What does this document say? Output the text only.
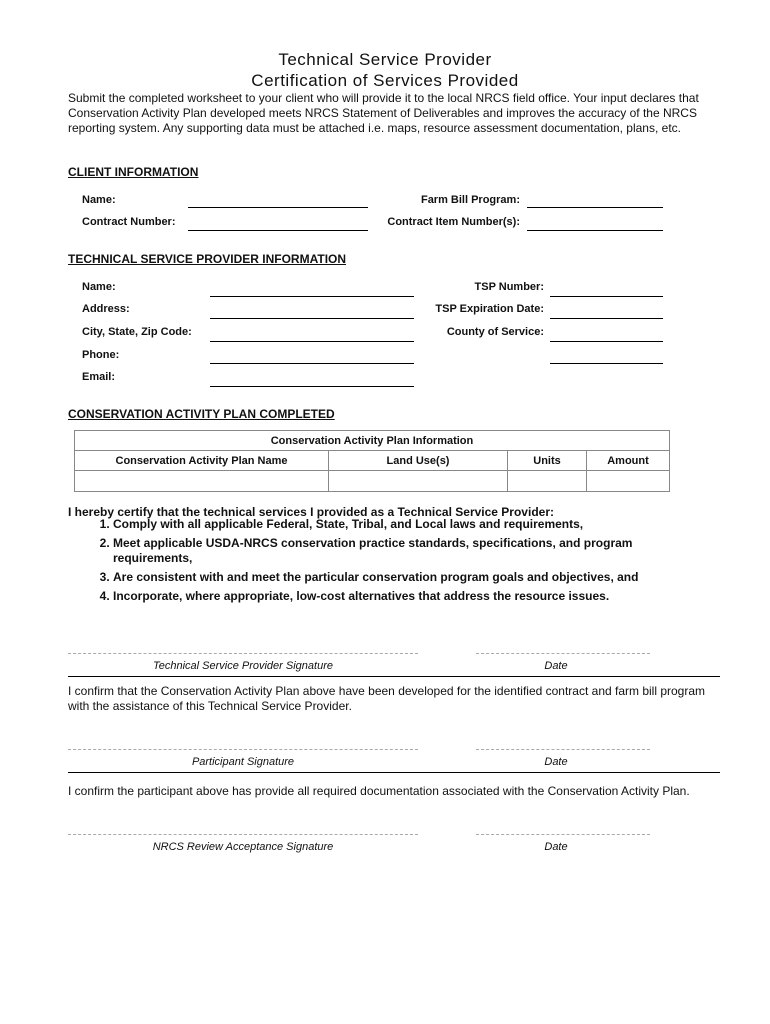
Technical Service Provider
Certification of Services Provided
Submit the completed worksheet to your client who will provide it to the local NRCS field office. Your input declares that Conservation Activity Plan developed meets NRCS Statement of Deliverables and improves the accuracy of the NRCS reporting system. Any supporting data must be attached i.e. maps, resource assessment documentation, plans, etc.
CLIENT INFORMATION
Name:	Farm Bill Program:
Contract Number:	Contract Item Number(s):
TECHNICAL SERVICE PROVIDER INFORMATION
Name:
Address:
City, State, Zip Code:
Phone:
Email:
TSP Number:
TSP Expiration Date:
County of Service:
CONSERVATION ACTIVITY PLAN COMPLETED
Conservation Activity Plan Information			
Conservation Activity Plan Name	Land Use(s)	Units	Amount

I hereby certify that the technical services I provided as a Technical Service Provider:
1. Comply with all applicable Federal, State, Tribal, and Local laws and requirements,
2. Meet applicable USDA-NRCS conservation practice standards, specifications, and program requirements,
3. Are consistent with and meet the particular conservation program goals and objectives, and
4. Incorporate, where appropriate, low-cost alternatives that address the resource issues.
Technical Service Provider Signature	Date
I confirm that the Conservation Activity Plan above have been developed for the identified contract and farm bill program with the assistance of this Technical Service Provider.
Participant Signature	Date
I confirm the participant above has provide all required documentation associated with the Conservation Activity Plan.
NRCS Review Acceptance Signature	Date
